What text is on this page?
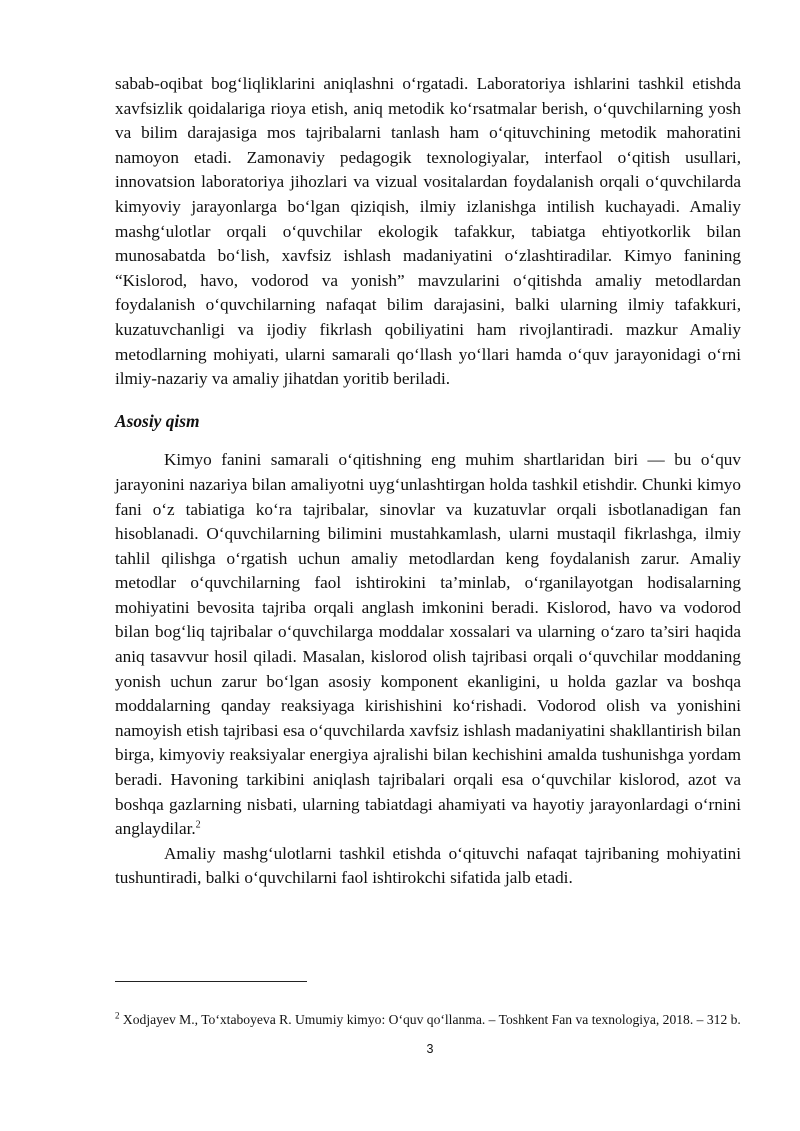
sabab-oqibat bog‘liqliklarini aniqlashni o‘rgatadi. Laboratoriya ishlarini tashkil etishda xavfsizlik qoidalariga rioya etish, aniq metodik ko‘rsatmalar berish, o‘quvchilarning yosh va bilim darajasiga mos tajribalarni tanlash ham o‘qituvchining metodik mahoratini namoyon etadi. Zamonaviy pedagogik texnologiyalar, interfaol o‘qitish usullari, innovatsion laboratoriya jihozlari va vizual vositalardan foydalanish orqali o‘quvchilarda kimyoviy jarayonlarga bo‘lgan qiziqish, ilmiy izlanishga intilish kuchayadi. Amaliy mashg‘ulotlar orqali o‘quvchilar ekologik tafakkur, tabiatga ehtiyotkorlik bilan munosabatda bo‘lish, xavfsiz ishlash madaniyatini o‘zlashtiradilar. Kimyo fanining “Kislorod, havo, vodorod va yonish” mavzularini o‘qitishda amaliy metodlardan foydalanish o‘quvchilarning nafaqat bilim darajasini, balki ularning ilmiy tafakkuri, kuzatuvchanligi va ijodiy fikrlash qobiliyatini ham rivojlantiradi. mazkur Amaliy metodlarning mohiyati, ularni samarali qo‘llash yo‘llari hamda o‘quv jarayonidagi o‘rni ilmiy-nazariy va amaliy jihatdan yoritib beriladi.

Asosiy qism

Kimyo fanini samarali o‘qitishning eng muhim shartlaridan biri — bu o‘quv jarayonini nazariya bilan amaliyotni uyg‘unlashtirgan holda tashkil etishdir. Chunki kimyo fani o‘z tabiatiga ko‘ra tajribalar, sinovlar va kuzatuvlar orqali isbotlanadigan fan hisoblanadi. O‘quvchilarning bilimini mustahkamlash, ularni mustaqil fikrlashga, ilmiy tahlil qilishga o‘rgatish uchun amaliy metodlardan keng foydalanish zarur. Amaliy metodlar o‘quvchilarning faol ishtirokini ta’minlab, o‘rganilayotgan hodisalarning mohiyatini bevosita tajriba orqali anglash imkonini beradi. Kislorod, havo va vodorod bilan bog‘liq tajribalar o‘quvchilarga moddalar xossalari va ularning o‘zaro ta’siri haqida aniq tasavvur hosil qiladi. Masalan, kislorod olish tajribasi orqali o‘quvchilar moddaning yonish uchun zarur bo‘lgan asosiy komponent ekanligini, u holda gazlar va boshqa moddalarning qanday reaksiyaga kirishishini ko‘rishadi. Vodorod olish va yonishini namoyish etish tajribasi esa o‘quvchilarda xavfsiz ishlash madaniyatini shakllantirish bilan birga, kimyoviy reaksiyalar energiya ajralishi bilan kechishini amalda tushunishga yordam beradi. Havoning tarkibini aniqlash tajribalari orqali esa o‘quvchilar kislorod, azot va boshqa gazlarning nisbati, ularning tabiatdagi ahamiyati va hayotiy jarayonlardagi o‘rnini anglaydilar.$^2$

Amaliy mashg‘ulotlarni tashkil etishda o‘qituvchi nafaqat tajribaning mohiyatini tushuntiradi, balki o‘quvchilarni faol ishtirokchi sifatida jalb etadi.

$^2$ Xodjayev M., To‘xtaboyeva R. Umumiy kimyo: O‘quv qo‘llanma. – Toshkent Fan va texnologiya, 2018. – 312 b.
3
